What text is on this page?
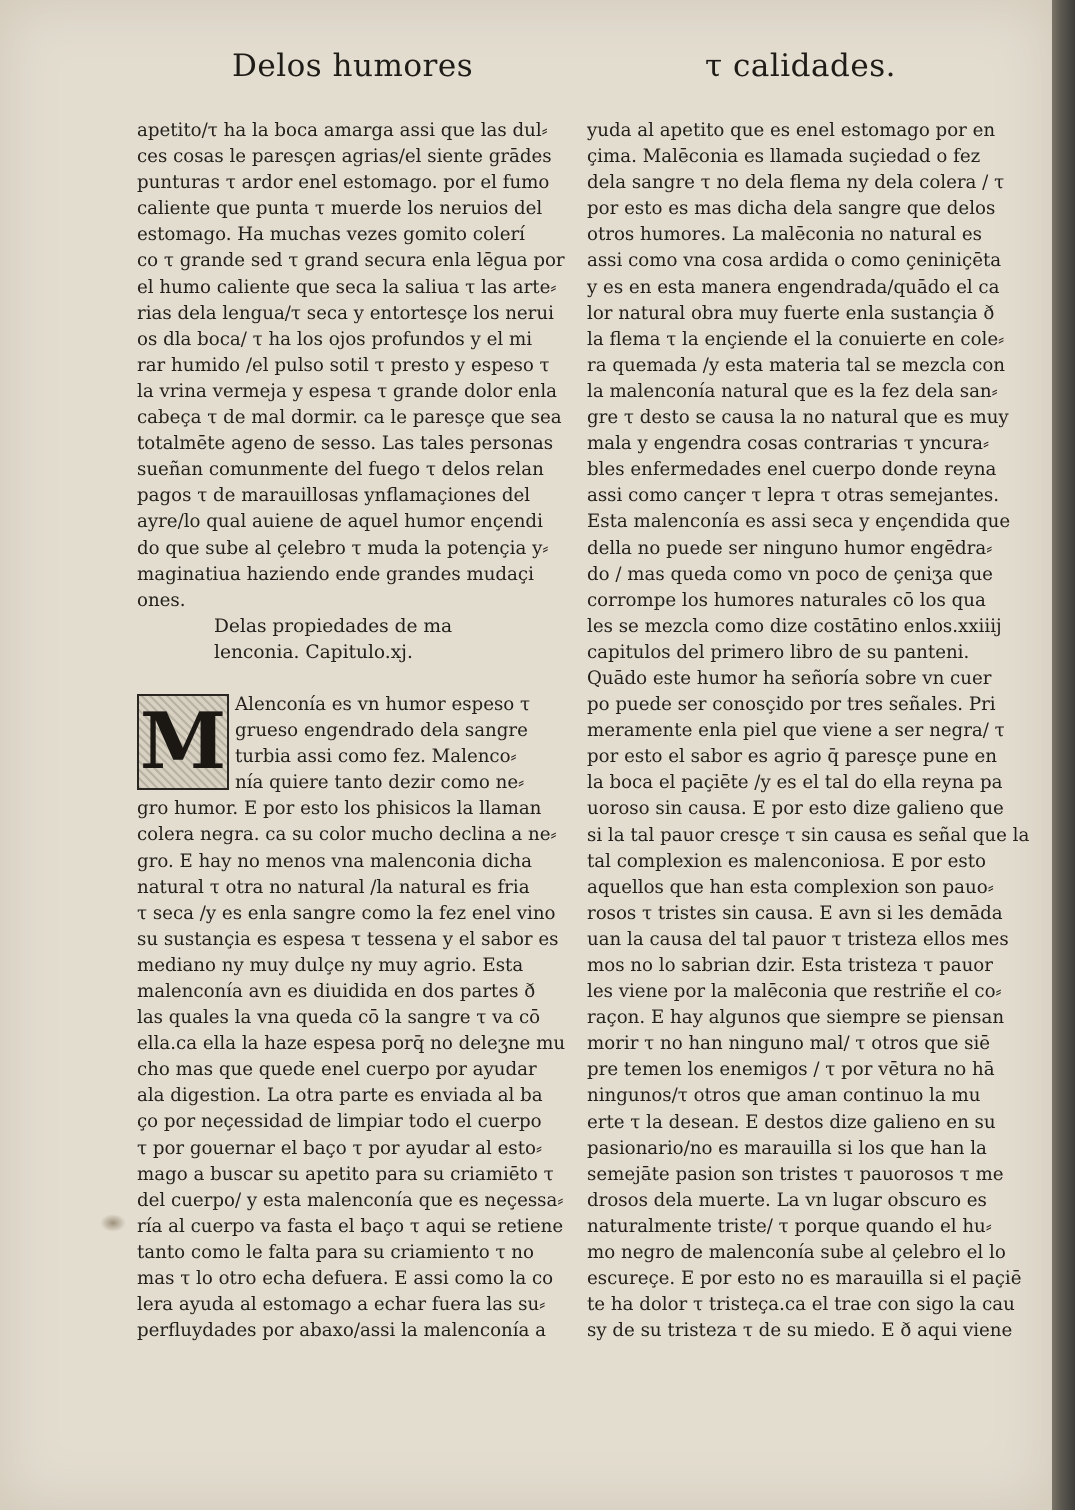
Delos humores	τ calidades.
apetito/τ ha la boca amarga assi que las dul⸗
ces cosas le paresçen agrias/el siente grādes
punturas τ ardor enel estomago. por el fumo
caliente que punta τ muerde los neruios del
estomago. Ha muchas vezes gomito colerí
co τ grande sed τ grand secura enla lēgua por
el humo caliente que seca la saliua τ las arte⸗
rias dela lengua/τ seca y entortesçe los nerui
os dla boca/ τ ha los ojos profundos y el mi
rar humido /el pulso sotil τ presto y espeso τ
la vrina vermeja y espesa τ grande dolor enla
cabeça τ de mal dormir. ca le paresçe que sea
totalmēte ageno de sesso. Las tales personas
sueñan comunmente del fuego τ delos relan
pagos τ de marauillosas ynflamaçiones del
ayre/lo qual auiene de aquel humor ençendi
do que sube al çelebro τ muda la potençia y⸗
maginatiua haziendo ende grandes mudaçi
ones.
Delas propiedades de ma
lenconia. Capitulo.xj.
M Alenconía es vn humor espeso τ
grueso engendrado dela sangre
turbia assi como fez. Malenco⸗
nía quiere tanto dezir como ne⸗
gro humor. E por esto los phisicos la llaman
colera negra. ca su color mucho declina a ne⸗
gro. E hay no menos vna malenconia dicha
natural τ otra no natural /la natural es fria
τ seca /y es enla sangre como la fez enel vino
su sustançia es espesa τ tessena y el sabor es
mediano ny muy dulçe ny muy agrio. Esta
malenconía avn es diuidida en dos partes ð
las quales la vna queda cō la sangre τ va cō
ella.ca ella la haze espesa porq̄ no deleʒne mu
cho mas que quede enel cuerpo por ayudar
ala digestion. La otra parte es enviada al ba
ço por neçessidad de limpiar todo el cuerpo
τ por gouernar el baço τ por ayudar al esto⸗
mago a buscar su apetito para su criamiēto τ
del cuerpo/ y esta malenconía que es neçessa⸗
ría al cuerpo va fasta el baço τ aqui se retiene
tanto como le falta para su criamiento τ no
mas τ lo otro echa defuera. E assi como la co
lera ayuda al estomago a echar fuera las su⸗
perfluydades por abaxo/assi la malenconía a
yuda al apetito que es enel estomago por en
çima. Malēconia es llamada suçiedad o fez
dela sangre τ no dela flema ny dela colera / τ
por esto es mas dicha dela sangre que delos
otros humores. La malēconia no natural es
assi como vna cosa ardida o como çeniniçēta
y es en esta manera engendrada/quādo el ca
lor natural obra muy fuerte enla sustançia ð
la flema τ la ençiende el la conuierte en cole⸗
ra quemada /y esta materia tal se mezcla con
la malenconía natural que es la fez dela san⸗
gre τ desto se causa la no natural que es muy
mala y engendra cosas contrarias τ yncura⸗
bles enfermedades enel cuerpo donde reyna
assi como cançer τ lepra τ otras semejantes.
Esta malenconía es assi seca y ençendida que
della no puede ser ninguno humor engēdra⸗
do / mas queda como vn poco de çeniʒa que
corrompe los humores naturales cō los qua
les se mezcla como dize costātino enlos.xxiiij
capitulos del primero libro de su panteni.
Quādo este humor ha señoría sobre vn cuer
po puede ser conosçido por tres señales. Pri
meramente enla piel que viene a ser negra/ τ
por esto el sabor es agrio q̄ paresçe pune en
la boca el paçiēte /y es el tal do ella reyna pa
uoroso sin causa. E por esto dize galieno que
si la tal pauor cresçe τ sin causa es señal que la
tal complexion es malenconiosa. E por esto
aquellos que han esta complexion son pauo⸗
rosos τ tristes sin causa. E avn si les demāda
uan la causa del tal pauor τ tristeza ellos mes
mos no lo sabrian dzir. Esta tristeza τ pauor
les viene por la malēconia que restriñe el co⸗
raçon. E hay algunos que siempre se piensan
morir τ no han ninguno mal/ τ otros que siē
pre temen los enemigos / τ por vētura no hā
ningunos/τ otros que aman continuo la mu
erte τ la desean. E destos dize galieno en su
pasionario/no es marauilla si los que han la
semejāte pasion son tristes τ pauorosos τ me
drosos dela muerte. La vn lugar obscuro es
naturalmente triste/ τ porque quando el hu⸗
mo negro de malenconía sube al çelebro el lo
escureçe. E por esto no es marauilla si el paçiē
te ha dolor τ tristeça.ca el trae con sigo la cau
sy de su tristeza τ de su miedo. E ð aqui viene
